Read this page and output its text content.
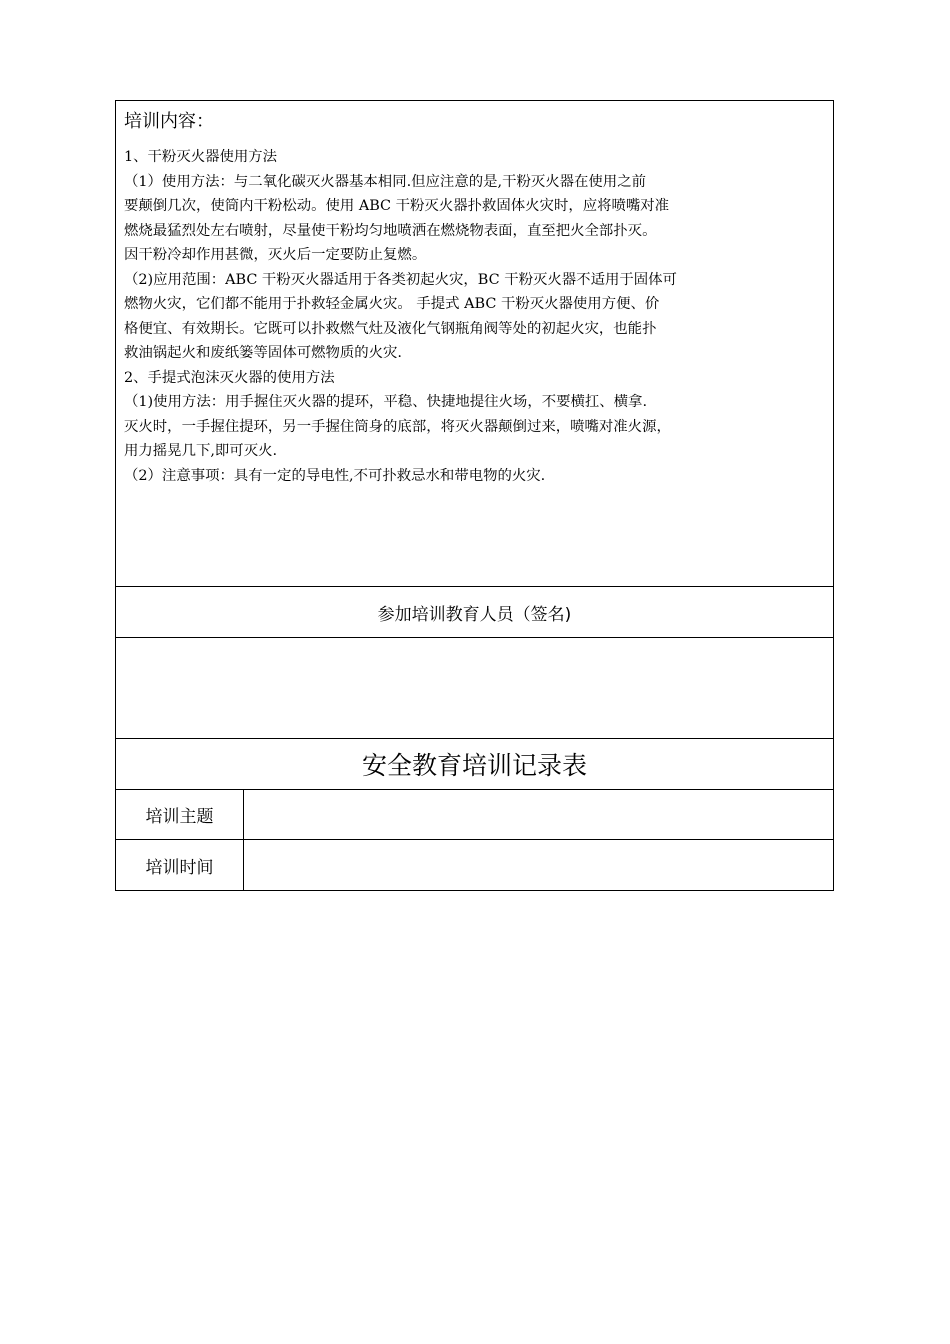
培训内容：
1、干粉灭火器使用方法
（1）使用方法：与二氧化碳灭火器基本相同.但应注意的是,干粉灭火器在使用之前
要颠倒几次，使筒内干粉松动。使用 ABC 干粉灭火器扑救固体火灾时，应将喷嘴对准
燃烧最猛烈处左右喷射，尽量使干粉均匀地喷洒在燃烧物表面，直至把火全部扑灭。
因干粉冷却作用甚微，灭火后一定要防止复燃。
（2)应用范围：ABC 干粉灭火器适用于各类初起火灾，BC 干粉灭火器不适用于固体可
燃物火灾，它们都不能用于扑救轻金属火灾。 手提式 ABC 干粉灭火器使用方便、价
格便宜、有效期长。它既可以扑救燃气灶及液化气钢瓶角阀等处的初起火灾，也能扑
救油锅起火和废纸篓等固体可燃物质的火灾.
2、手提式泡沫灭火器的使用方法
（1)使用方法：用手握住灭火器的提环，平稳、快捷地提往火场，不要横扛、横拿.
灭火时，一手握住提环，另一手握住筒身的底部，将灭火器颠倒过来，喷嘴对准火源，
用力摇晃几下,即可灭火.
（2）注意事项：具有一定的导电性,不可扑救忌水和带电物的火灾.
参加培训教育人员（签名)
安全教育培训记录表
培训主题
培训时间
